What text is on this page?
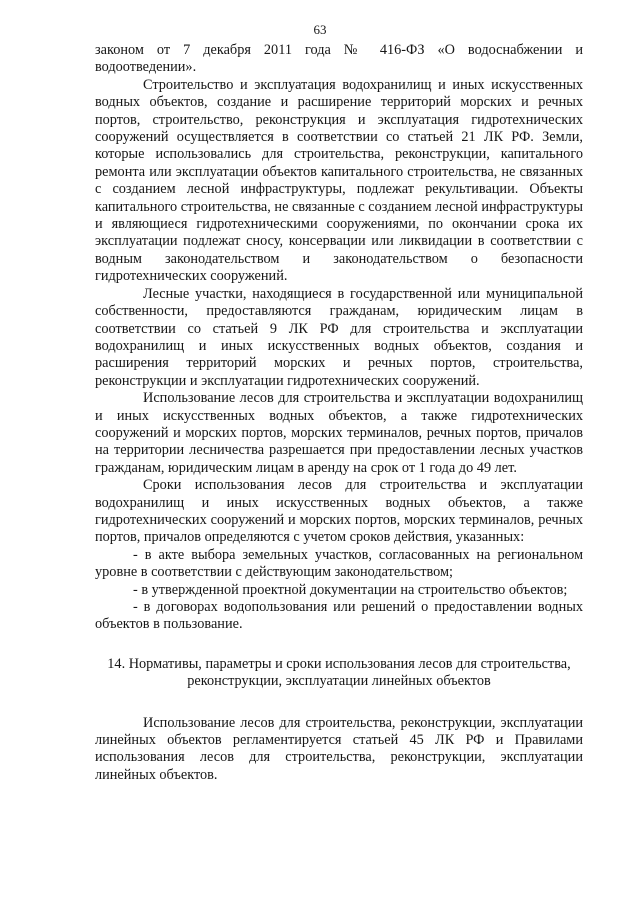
63

законом от 7 декабря 2011 года № 416-ФЗ «О водоснабжении и водоотведении».

Строительство и эксплуатация водохранилищ и иных искусственных водных объектов, создание и расширение территорий морских и речных портов, строительство, реконструкция и эксплуатация гидротехнических сооружений осуществляется в соответствии со статьей 21 ЛК РФ. Земли, которые использовались для строительства, реконструкции, капитального ремонта или эксплуатации объектов капитального строительства, не связанных с созданием лесной инфраструктуры, подлежат рекультивации. Объекты капитального строительства, не связанные с созданием лесной инфраструктуры и являющиеся гидротехническими сооружениями, по окончании срока их эксплуатации подлежат сносу, консервации или ликвидации в соответствии с водным законодательством и законодательством о безопасности гидротехнических сооружений.

Лесные участки, находящиеся в государственной или муниципальной собственности, предоставляются гражданам, юридическим лицам в соответствии со статьей 9 ЛК РФ для строительства и эксплуатации водохранилищ и иных искусственных водных объектов, создания и расширения территорий морских и речных портов, строительства, реконструкции и эксплуатации гидротехнических сооружений.

Использование лесов для строительства и эксплуатации водохранилищ и иных искусственных водных объектов, а также гидротехнических сооружений и морских портов, морских терминалов, речных портов, причалов на территории лесничества разрешается при предоставлении лесных участков гражданам, юридическим лицам в аренду на срок от 1 года до 49 лет.

Сроки использования лесов для строительства и эксплуатации водохранилищ и иных искусственных водных объектов, а также гидротехнических сооружений и морских портов, морских терминалов, речных портов, причалов определяются с учетом сроков действия, указанных:

- в акте выбора земельных участков, согласованных на региональном уровне в соответствии с действующим законодательством;

- в утвержденной проектной документации на строительство объектов;

- в договорах водопользования или решений о предоставлении водных объектов в пользование.

14. Нормативы, параметры и сроки использования лесов для строительства, реконструкции, эксплуатации линейных объектов

Использование лесов для строительства, реконструкции, эксплуатации линейных объектов регламентируется статьей 45 ЛК РФ и Правилами использования лесов для строительства, реконструкции, эксплуатации линейных объектов.
